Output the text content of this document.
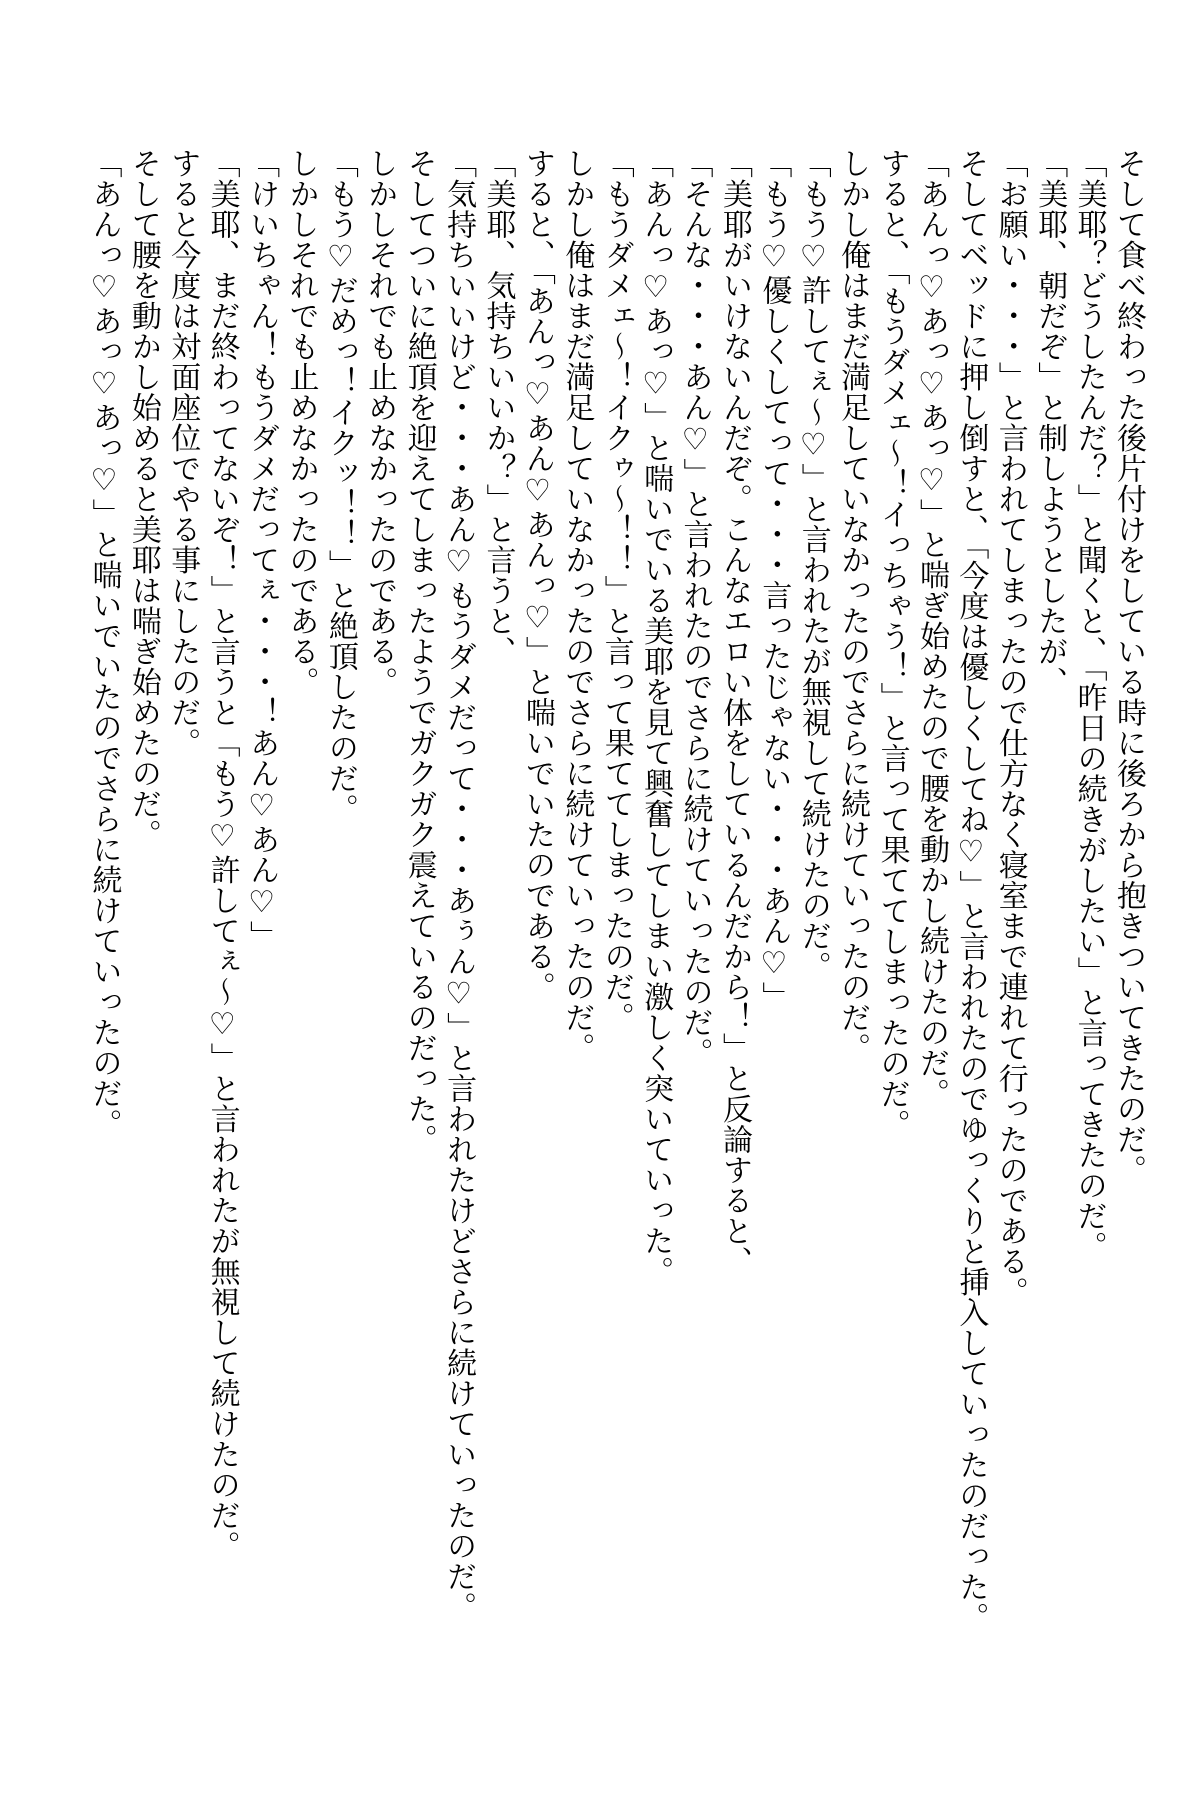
そして食べ終わった後片付けをしている時に後ろから抱きついてきたのだ。
「美耶？どうしたんだ？」と聞くと、「昨日の続きがしたい」と言ってきたのだ。
「美耶、朝だぞ」と制しようとしたが、
「お願い・・・」と言われてしまったので仕方なく寝室まで連れて行ったのである。
そしてベッドに押し倒すと、「今度は優しくしてね♡」と言われたのでゆっくりと挿入していったのだった。
「あんっ♡あっ♡あっ♡」と喘ぎ始めたので腰を動かし続けたのだ。
すると、「もうダメェ～！イっちゃう！」と言って果ててしまったのだ。
しかし俺はまだ満足していなかったのでさらに続けていったのだ。
「もう♡許してぇ～♡」と言われたが無視して続けたのだ。
「もう♡優しくしてって・・・言ったじゃない・・・あん♡」
「美耶がいけないんだぞ。こんなエロい体をしているんだから！」と反論すると、
「そんな・・・あん♡」と言われたのでさらに続けていったのだ。
「あんっ♡あっ♡」と喘いでいる美耶を見て興奮してしまい激しく突いていった。
「もうダメェ～！イクゥ～！！」と言って果ててしまったのだ。
しかし俺はまだ満足していなかったのでさらに続けていったのだ。
すると、「あんっ♡あん♡あんっ♡」と喘いでいたのである。
「美耶、気持ちいいか？」と言うと、
「気持ちいいけど・・・あん♡もうダメだって・・・あぅん♡」と言われたけどさらに続けていったのだ。
そしてついに絶頂を迎えてしまったようでガクガク震えているのだった。
しかしそれでも止めなかったのである。
「もう♡だめっ！イクッ！！」と絶頂したのだ。
しかしそれでも止めなかったのである。
「けいちゃん！もうダメだってぇ・・・！あん♡あん♡」
「美耶、まだ終わってないぞ！」と言うと「もう♡許してぇ～♡」と言われたが無視して続けたのだ。
すると今度は対面座位でやる事にしたのだ。
そして腰を動かし始めると美耶は喘ぎ始めたのだ。
「あんっ♡あっ♡あっ♡」と喘いでいたのでさらに続けていったのだ。
